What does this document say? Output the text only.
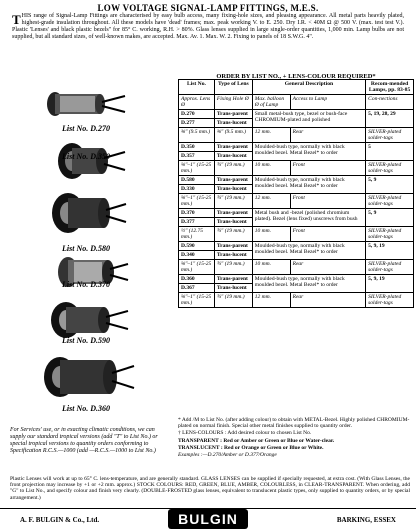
LOW VOLTAGE SIGNAL-LAMP FITTINGS, M.E.S.
THIS range of Signal-Lamp Fittings are characterised by easy bulb access, many fixing-hole sizes, and pleasing appearance. All metal parts heavily plated, highest-grade insulation throughout. All these models have 'dead' frames; max. peak working V. to E. 250. Dry I.R. < 40M Ω @ 500 V. (max. test test V.). Plastic 'Lenses' and black plastic bezels" for 85° C. working, R.H. > 80%. Glass lenses supplied in large single-order quantities, 1,000 min. Lamp bulbs are not supplied, but all standard sizes, of well-known makes, are accepted. Max. Av. 1. Max. W. 2. Fixing to panels of 18 S.W.G. 4".
ORDER BY LIST NO., + LENS-COLOUR REQUIRED*
List No. D.270
List No. D.350
List No. D.580
List No. D.370
List No. D.590
List No. D.360
For Services' use, or in exacting climatic conditions, we can supply our standard tropical versions (add "T" to List No.) or special tropical versions to quantity orders conforming to Specification R.C.S.—1000 (add —R.C.S.—1000 to List No.)
List No.	Type of Lens	General Description		Recom-mended Lamps, pp. 83-85
Approx. Lens Ø	Fixing Hole Ø	Max. balloon Ø of Lamp	Access to Lamp	Con-nections
D.270	Trans-parent	Small metal-bush type, bezel or bush-face CHROMIUM-plated and polished		5, 19, 28, 29
D.277	Trans-lucent			
⅜" (9.5 mm.)	⅜" (9.5 mm.)	12 mm.	Rear	SILVER-plated solder-tags
D.350	Trans-parent	Moulded-bush type, normally with black moulded bezel. Metal Bezel* to order		5
D.357	Trans-lucent			
⅝"–1" (15-25 mm.)	¾" (19 mm.)	10 mm.	Front	SILVER-plated solder-tags
D.580	Trans-parent	Moulded-bush type, normally with black moulded bezel. Metal Bezel* to order		5, 9
D.330	Trans-lucent			
⅝"–1" (15-25 mm.)	¾" (19 mm.)	12 mm.	Front	SILVER-plated solder-tags
D.370	Trans-parent	Metal bush and -bezel (polished chromium plated). Bezel (lens fixed) unscrews from bush		5, 9
D.377	Trans-lucent			
½" (12.75 mm.)	¾" (19 mm.)	10 mm.	Front	SILVER-plated solder-tags
D.590	Trans-parent	Moulded-bush type, normally with black moulded bezel. Metal Bezel* to order		5, 9, 19
D.340	Trans-lucent			
⅝"–1" (15-25 mm.)	¾" (19 mm.)	10 mm.	Rear	SILVER-plated solder-tags
D.360	Trans-parent	Moulded-bush type, normally with black moulded bezel. Metal Bezel* to order		5, 9, 19
D.367	Trans-lucent			
⅝"–1" (15-25 mm.)	¾" (19 mm.)	12 mm.	Rear	SILVER-plated solder-tags

* Add /M to List No. (after adding colour) to obtain with METAL-Bezel. Highly polished CHROMIUM-plated on normal finish. Special other metal finishes supplied to quantity order.

† LENS-COLOURS : Add desired colour to chosen List No.

TRANSPARENT : Red or Amber or Green or Blue or Water-clear.

TRANSLUCENT : Red or Orange or Green or Blue or White.

Examples :—D.270/Amber or D.377/Orange

Plastic Lenses will work at up to 65° C. lens-temperature, and are generally standard. GLASS LENSES can be supplied if specially requested, at extra cost. (With Glass Lenses, the front projection may increase by +1 or +2 mm. approx.) STOCK COLOURS: RED, GREEN, BLUE, AMBER, COLOURLESS, in CLEAR-TRANSPARENT. When ordering, add "G" to List No., and specify colour and finish very clearly. (DOUBLE-FROSTED glass lenses, equivalent to translucent plastic types, only supplied to quantity orders, or by special arrangement.)
A. F. BULGIN & Co., Ltd.	BULGIN	BARKING, ESSEX
